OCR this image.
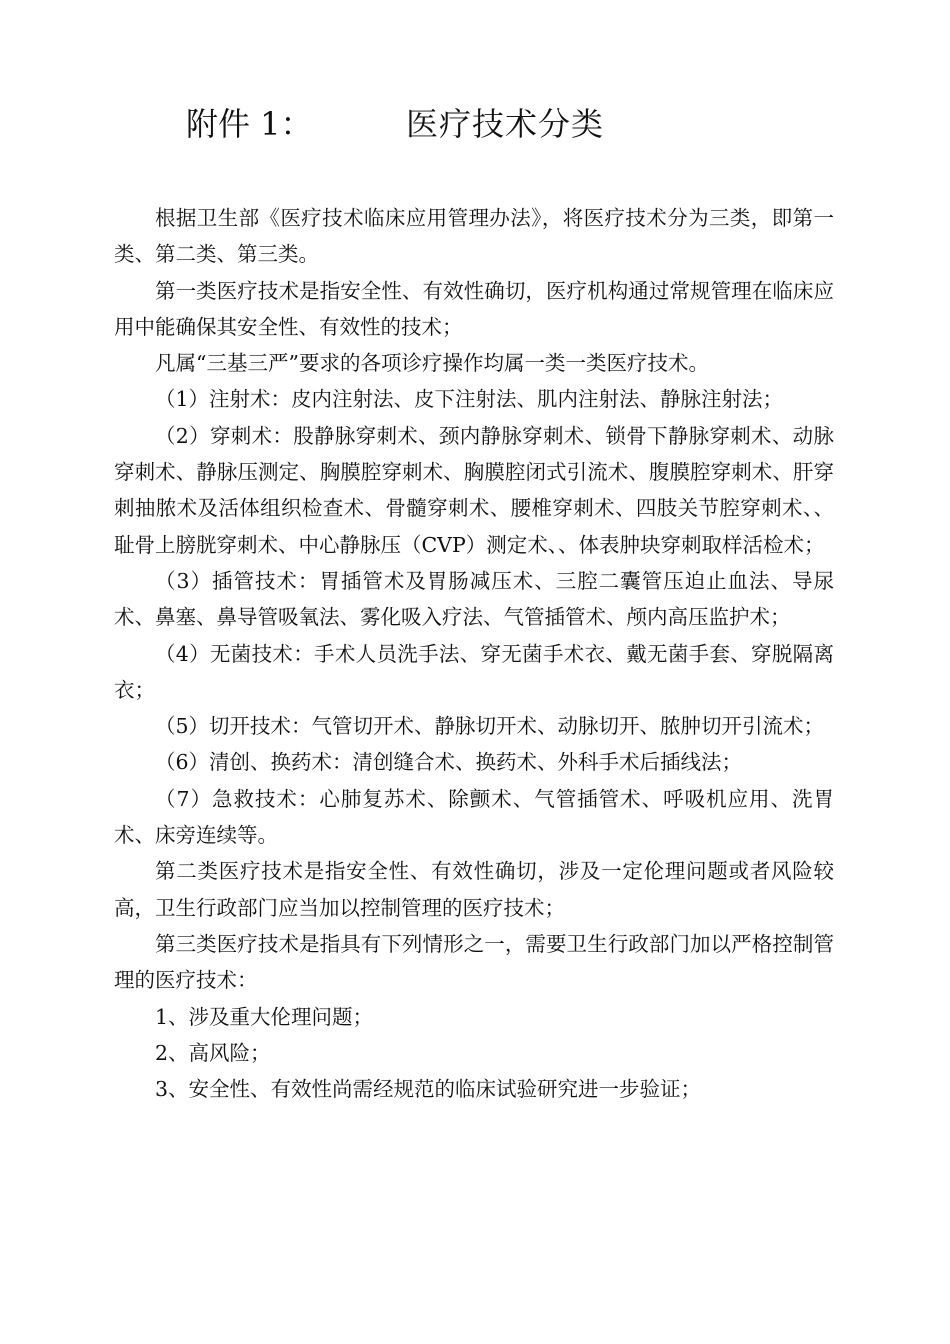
附件 1：	医疗技术分类

根据卫生部《医疗技术临床应用管理办法》，将医疗技术分为三类，即第一类、第二类、第三类。

第一类医疗技术是指安全性、有效性确切，医疗机构通过常规管理在临床应用中能确保其安全性、有效性的技术；

凡属“三基三严”要求的各项诊疗操作均属一类一类医疗技术。

（1）注射术：皮内注射法、皮下注射法、肌内注射法、静脉注射法；

（2）穿刺术：股静脉穿刺术、颈内静脉穿刺术、锁骨下静脉穿刺术、动脉穿刺术、静脉压测定、胸膜腔穿刺术、胸膜腔闭式引流术、腹膜腔穿刺术、肝穿刺抽脓术及活体组织检查术、骨髓穿刺术、腰椎穿刺术、四肢关节腔穿刺术、、耻骨上膀胱穿刺术、中心静脉压（CVP）测定术、、体表肿块穿刺取样活检术；

（3）插管技术：胃插管术及胃肠减压术、三腔二囊管压迫止血法、导尿术、鼻塞、鼻导管吸氧法、雾化吸入疗法、气管插管术、颅内高压监护术；

（4）无菌技术：手术人员洗手法、穿无菌手术衣、戴无菌手套、穿脱隔离衣；

（5）切开技术：气管切开术、静脉切开术、动脉切开、脓肿切开引流术；

（6）清创、换药术：清创缝合术、换药术、外科手术后插线法；

（7）急救技术：心肺复苏术、除颤术、气管插管术、呼吸机应用、洗胃术、床旁连续等。

第二类医疗技术是指安全性、有效性确切，涉及一定伦理问题或者风险较高，卫生行政部门应当加以控制管理的医疗技术；

第三类医疗技术是指具有下列情形之一，需要卫生行政部门加以严格控制管理的医疗技术：

1、涉及重大伦理问题；

2、高风险；

3、安全性、有效性尚需经规范的临床试验研究进一步验证；
